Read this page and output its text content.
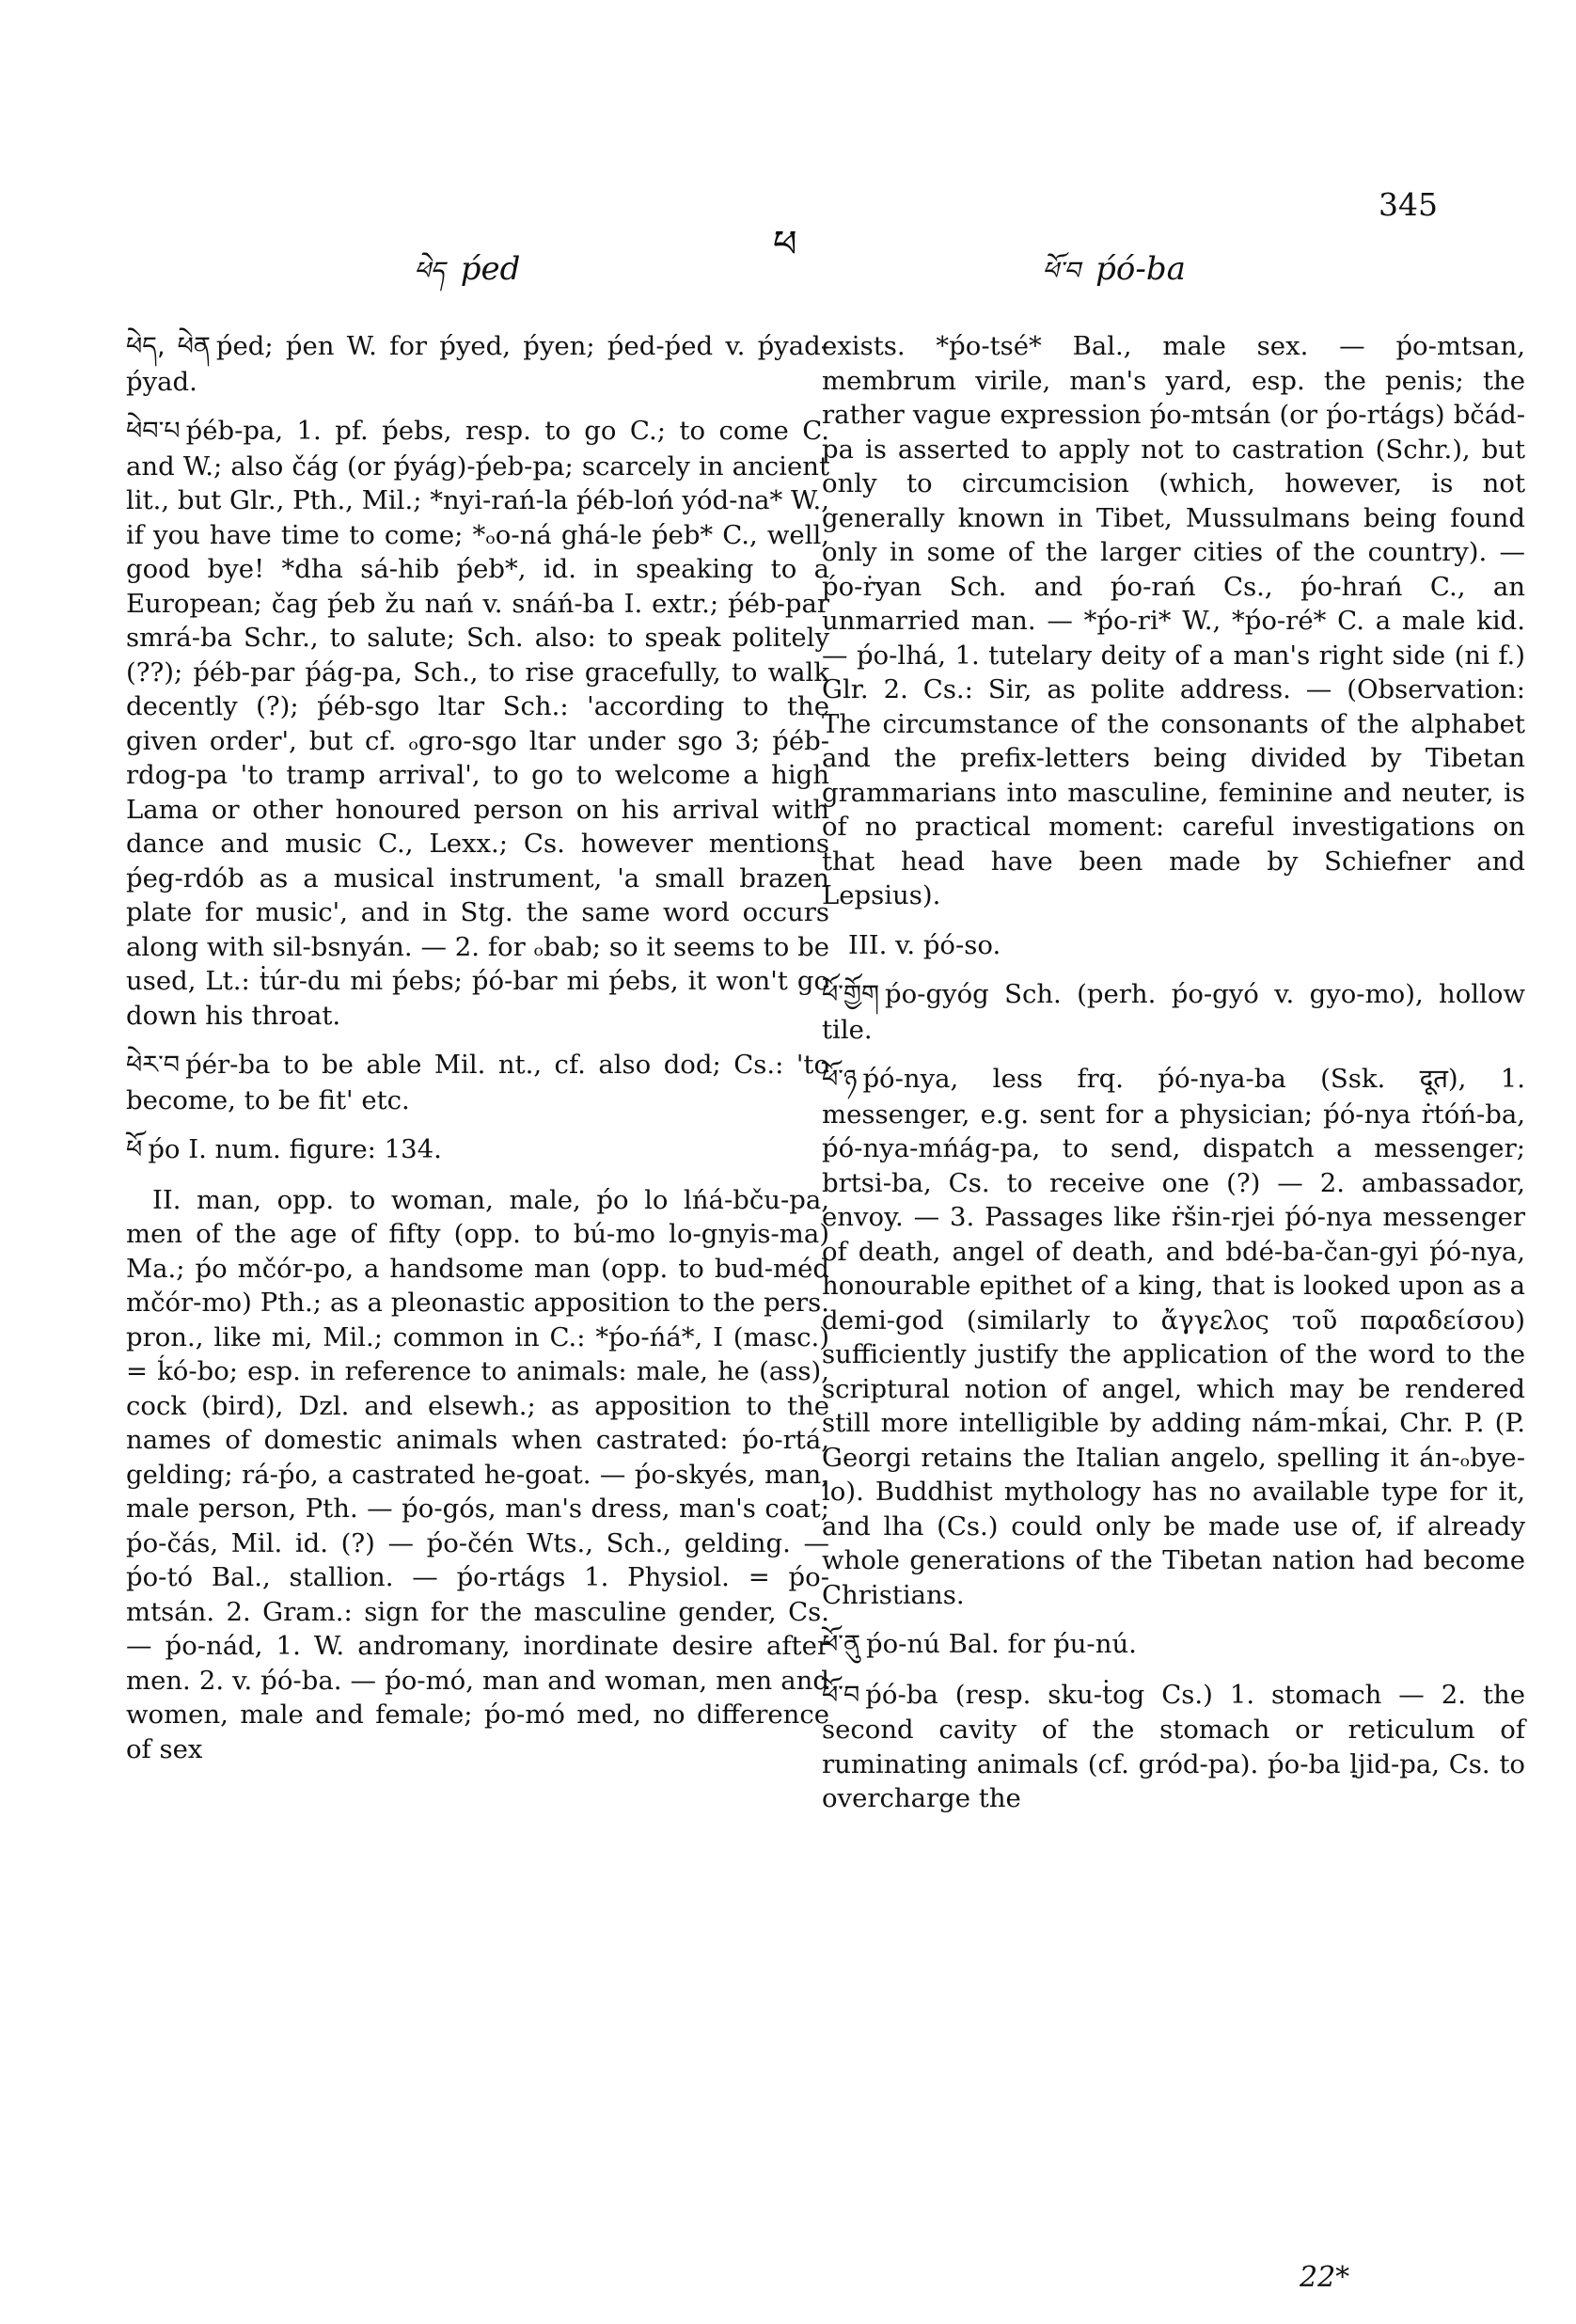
ཕེད ṕed
ཕ
ཕོ་བ ṕó-ba
345

ཕེད, ཕེན ṕed; ṕen W. for ṕyed, ṕyen; ṕed-ṕed v. ṕyad-ṕyad.

ཕེབ་པ ṕéb-pa, 1. pf. ṕebs, resp. to go C.; to come C. and W.; also čág (or ṕyág)-ṕeb-pa; scarcely in ancient lit., but Glr., Pth., Mil.; *nyi-rań-la ṕéb-loń yód-na* W., if you have time to come; *ₒo-ná ghá-le ṕeb* C., well, good bye! *dha sá-hib ṕeb*, id. in speaking to a European; čag ṕeb žu nań v. snáń-ba I. extr.; ṕéb-par smrá-ba Schr., to salute; Sch. also: to speak politely (??); ṕéb-par ṕág-pa, Sch., to rise gracefully, to walk decently (?); ṕéb-sgo ltar Sch.: 'according to the given order', but cf. ₒgro-sgo ltar under sgo 3; ṕéb-rdog-pa 'to tramp arrival', to go to welcome a high Lama or other honoured person on his arrival with dance and music C., Lexx.; Cs. however mentions ṕeg-rdób as a musical instrument, 'a small brazen plate for music', and in Stg. the same word occurs along with sil-bsnyán. — 2. for ₒbab; so it seems to be used, Lt.: ṫúr-du mi ṕebs; ṕó-bar mi ṕebs, it won't go down his throat.

ཕེར་བ ṕér-ba to be able Mil. nt., cf. also dod; Cs.: 'to become, to be fit' etc.

ཕོ ṕo I. num. figure: 134.

II. man, opp. to woman, male, ṕo lo lńá-bču-pa, men of the age of fifty (opp. to bú-mo lo-gnyis-ma) Ma.; ṕo mčór-po, a handsome man (opp. to bud-méd mčór-mo) Pth.; as a pleonastic apposition to the pers. pron., like mi, Mil.; common in C.: *ṕo-ńá*, I (masc.) = ḱó-bo; esp. in reference to animals: male, he (ass), cock (bird), Dzl. and elsewh.; as apposition to the names of domestic animals when castrated: ṕo-rtá, gelding; rá-ṕo, a castrated he-goat. — ṕo-skyés, man, male person, Pth. — ṕo-gós, man's dress, man's coat; ṕo-čás, Mil. id. (?) — ṕo-čén Wts., Sch., gelding. — ṕo-tó Bal., stallion. — ṕo-rtágs 1. Physiol. = ṕo-mtsán. 2. Gram.: sign for the masculine gender, Cs. — ṕo-nád, 1. W. andromany, inordinate desire after men. 2. v. ṕó-ba. — ṕo-mó, man and woman, men and women, male and female; ṕo-mó med, no difference of sex

exists. *ṕo-tsé* Bal., male sex. — ṕo-mtsan, membrum virile, man's yard, esp. the penis; the rather vague expression ṕo-mtsán (or ṕo-rtágs) bčád-pa is asserted to apply not to castration (Schr.), but only to circumcision (which, however, is not generally known in Tibet, Mussulmans being found only in some of the larger cities of the country). — ṕo-ṙyan Sch. and ṕo-rań Cs., ṕo-hrań C., an unmarried man. — *ṕo-ri* W., *ṕo-ré* C. a male kid. — ṕo-lhá, 1. tutelary deity of a man's right side (ni f.) Glr. 2. Cs.: Sir, as polite address. — (Observation: The circumstance of the consonants of the alphabet and the prefix-letters being divided by Tibetan grammarians into masculine, feminine and neuter, is of no practical moment: careful investigations on that head have been made by Schiefner and Lepsius).

III. v. ṕó-so.

ཕོ་གྱོག ṕo-gyóg Sch. (perh. ṕo-gyó v. gyo-mo), hollow tile.

ཕོ་ཉ ṕó-nya, less frq. ṕó-nya-ba (Ssk. दूत), 1. messenger, e.g. sent for a physician; ṕó-nya ṙtóń-ba, ṕó-nya-mńág-pa, to send, dispatch a messenger; brtsi-ba, Cs. to receive one (?) — 2. ambassador, envoy. — 3. Passages like ṙšin-rjei ṕó-nya messenger of death, angel of death, and bdé-ba-čan-gyi ṕó-nya, honourable epithet of a king, that is looked upon as a demi-god (similarly to ἄγγελος τοῦ παραδείσου) sufficiently justify the application of the word to the scriptural notion of angel, which may be rendered still more intelligible by adding nám-mḱai, Chr. P. (P. Georgi retains the Italian angelo, spelling it án-ₒbye-lo). Buddhist mythology has no available type for it, and lha (Cs.) could only be made use of, if already whole generations of the Tibetan nation had become Christians.

ཕོ་ནུ ṕo-nú Bal. for ṕu-nú.

ཕོ་བ ṕó-ba (resp. sku-ṫog Cs.) 1. stomach — 2. the second cavity of the stomach or reticulum of ruminating animals (cf. gród-pa). ṕo-ba ḷjid-pa, Cs. to overcharge the

22*
